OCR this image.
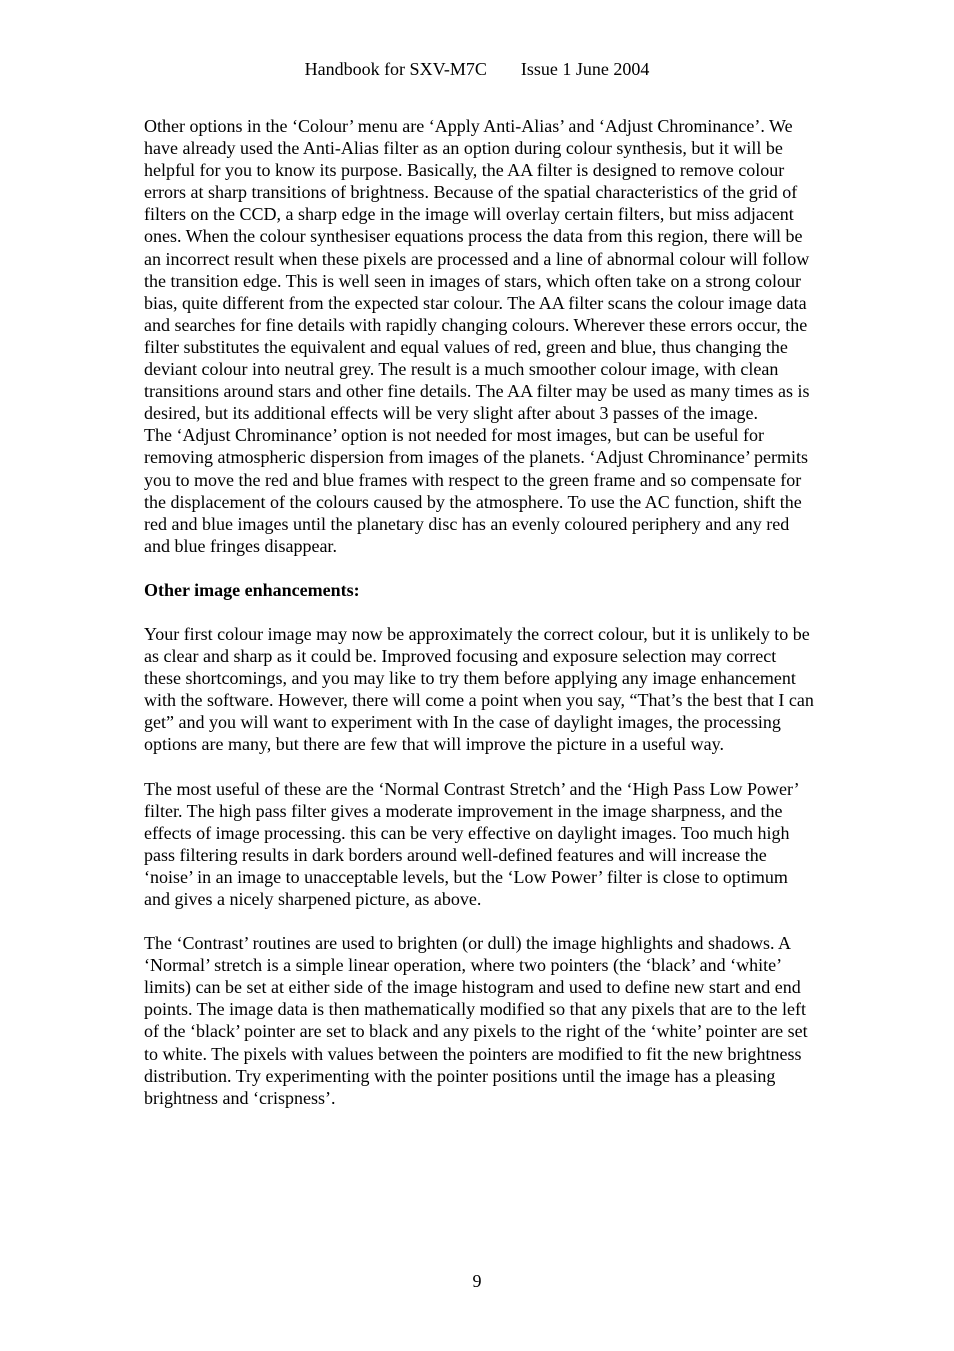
Handbook for SXV-M7C Issue 1 June 2004

Other options in the ‘Colour’ menu are ‘Apply Anti-Alias’ and ‘Adjust Chrominance’. We have already used the Anti-Alias filter as an option during colour synthesis, but it will be helpful for you to know its purpose. Basically, the AA filter is designed to remove colour errors at sharp transitions of brightness. Because of the spatial characteristics of the grid of filters on the CCD, a sharp edge in the image will overlay certain filters, but miss adjacent ones. When the colour synthesiser equations process the data from this region, there will be an incorrect result when these pixels are processed and a line of abnormal colour will follow the transition edge. This is well seen in images of stars, which often take on a strong colour bias, quite different from the expected star colour. The AA filter scans the colour image data and searches for fine details with rapidly changing colours. Wherever these errors occur, the filter substitutes the equivalent and equal values of red, green and blue, thus changing the deviant colour into neutral grey. The result is a much smoother colour image, with clean transitions around stars and other fine details. The AA filter may be used as many times as is desired, but its additional effects will be very slight after about 3 passes of the image.

The ‘Adjust Chrominance’ option is not needed for most images, but can be useful for removing atmospheric dispersion from images of the planets. ‘Adjust Chrominance’ permits you to move the red and blue frames with respect to the green frame and so compensate for the displacement of the colours caused by the atmosphere. To use the AC function, shift the red and blue images until the planetary disc has an evenly coloured periphery and any red and blue fringes disappear.

Other image enhancements:

Your first colour image may now be approximately the correct colour, but it is unlikely to be as clear and sharp as it could be. Improved focusing and exposure selection may correct these shortcomings, and you may like to try them before applying any image enhancement with the software. However, there will come a point when you say, “That’s the best that I can get” and you will want to experiment with In the case of daylight images, the processing options are many, but there are few that will improve the picture in a useful way.

The most useful of these are the ‘Normal Contrast Stretch’ and the ‘High Pass Low Power’ filter. The high pass filter gives a moderate improvement in the image sharpness, and the effects of image processing. this can be very effective on daylight images. Too much high pass filtering results in dark borders around well-defined features and will increase the ‘noise’ in an image to unacceptable levels, but the ‘Low Power’ filter is close to optimum and gives a nicely sharpened picture, as above.

The ‘Contrast’ routines are used to brighten (or dull) the image highlights and shadows. A ‘Normal’ stretch is a simple linear operation, where two pointers (the ‘black’ and ‘white’ limits) can be set at either side of the image histogram and used to define new start and end points. The image data is then mathematically modified so that any pixels that are to the left of the ‘black’ pointer are set to black and any pixels to the right of the ‘white’ pointer are set to white. The pixels with values between the pointers are modified to fit the new brightness distribution. Try experimenting with the pointer positions until the image has a pleasing brightness and ‘crispness’.

9
